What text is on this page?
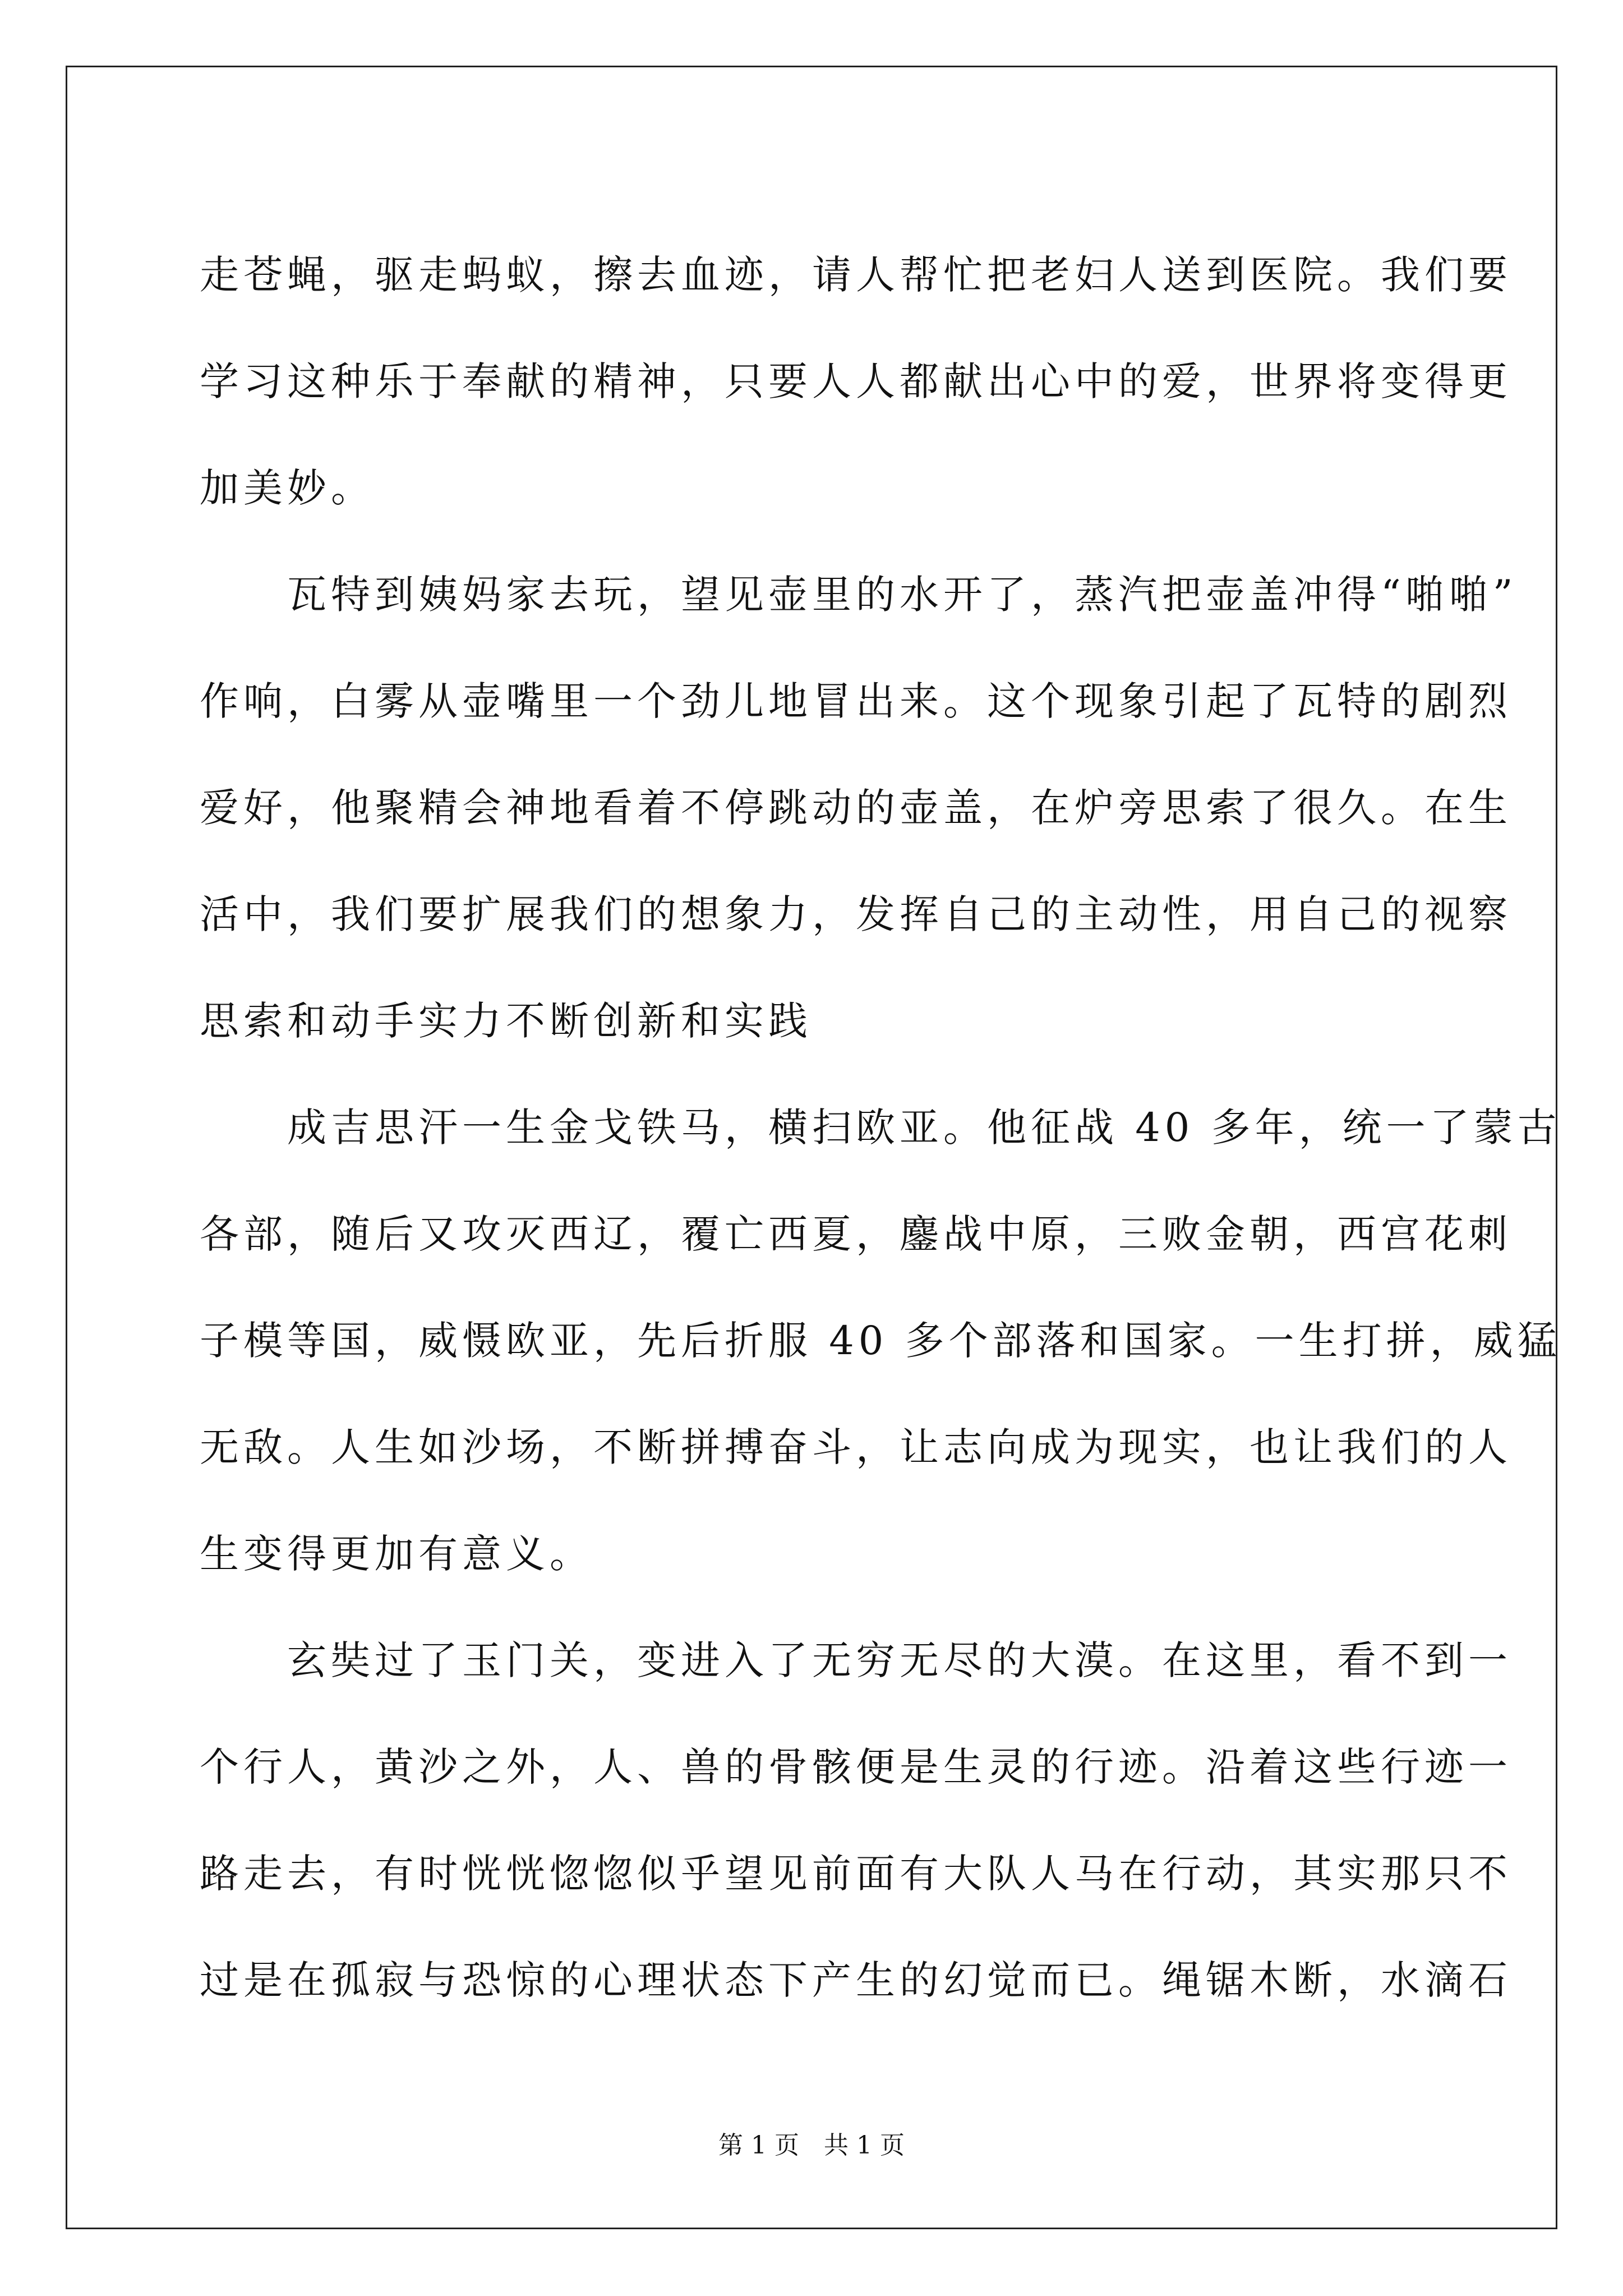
走苍蝇，驱走蚂蚁，擦去血迹，请人帮忙把老妇人送到医院。我们要
学习这种乐于奉献的精神，只要人人都献出心中的爱，世界将变得更
加美妙。
　　瓦特到姨妈家去玩，望见壶里的水开了，蒸汽把壶盖冲得“啪啪”
作响，白雾从壶嘴里一个劲儿地冒出来。这个现象引起了瓦特的剧烈
爱好，他聚精会神地看着不停跳动的壶盖，在炉旁思索了很久。在生
活中，我们要扩展我们的想象力，发挥自己的主动性，用自己的视察
思索和动手实力不断创新和实践
　　成吉思汗一生金戈铁马，横扫欧亚。他征战 40 多年，统一了蒙古
各部，随后又攻灭西辽，覆亡西夏，鏖战中原，三败金朝，西宫花刺
子模等国，威慑欧亚，先后折服 40 多个部落和国家。一生打拼，威猛
无敌。人生如沙场，不断拼搏奋斗，让志向成为现实，也让我们的人
生变得更加有意义。
　　玄奘过了玉门关，变进入了无穷无尽的大漠。在这里，看不到一
个行人，黄沙之外，人、兽的骨骸便是生灵的行迹。沿着这些行迹一
路走去，有时恍恍惚惚似乎望见前面有大队人马在行动，其实那只不
过是在孤寂与恐惊的心理状态下产生的幻觉而已。绳锯木断，水滴石
第 1 页　共 1 页
